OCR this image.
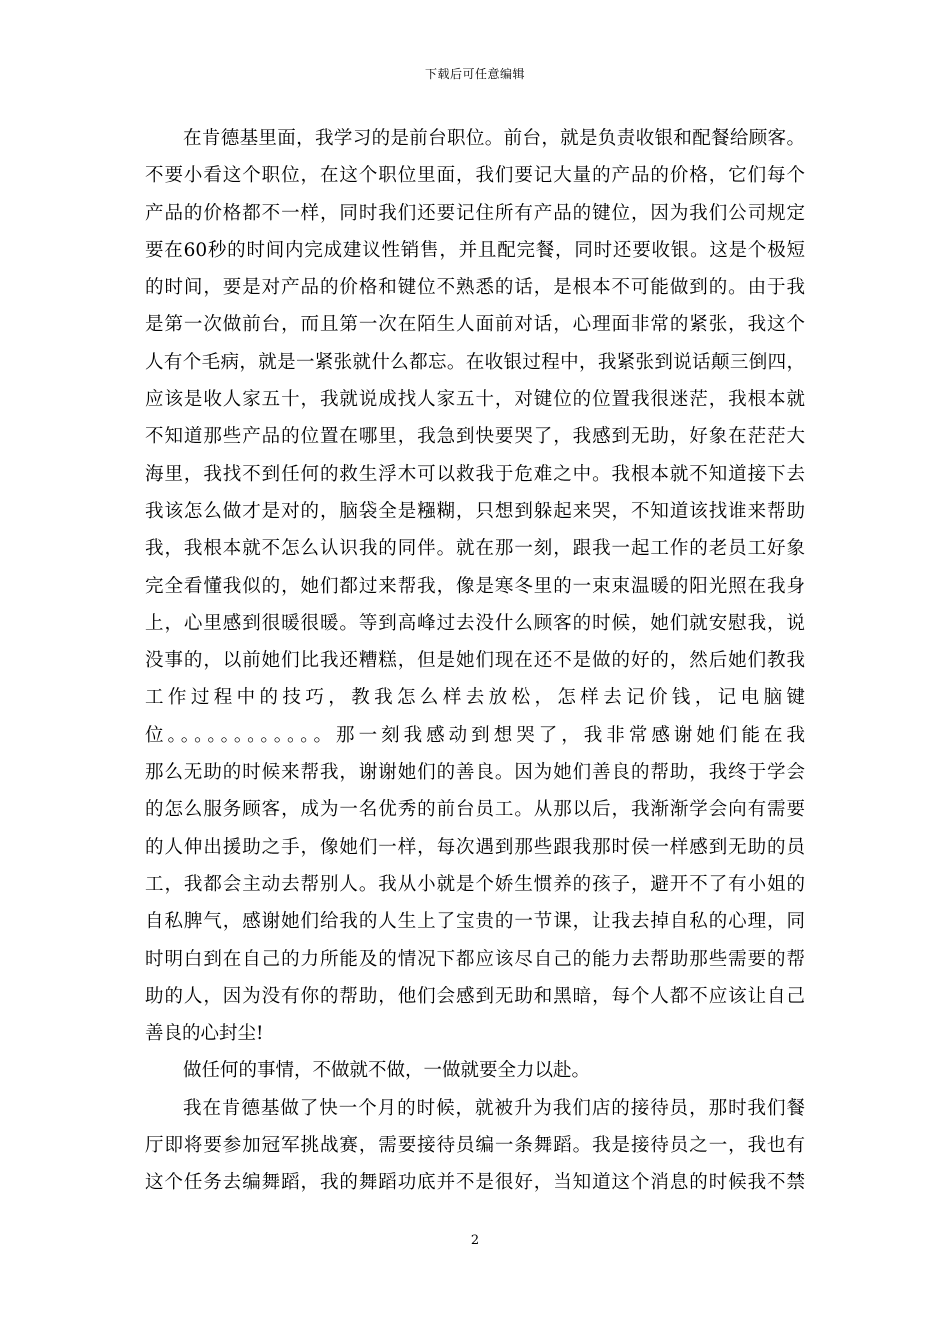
下载后可任意编辑
在肯德基里面，我学习的是前台职位。前台，就是负责收银和配餐给顾客。
不要小看这个职位，在这个职位里面，我们要记大量的产品的价格，它们每个
产品的价格都不一样，同时我们还要记住所有产品的键位，因为我们公司规定
要在60秒的时间内完成建议性销售，并且配完餐，同时还要收银。这是个极短
的时间，要是对产品的价格和键位不熟悉的话，是根本不可能做到的。由于我
是第一次做前台，而且第一次在陌生人面前对话，心理面非常的紧张，我这个
人有个毛病，就是一紧张就什么都忘。在收银过程中，我紧张到说话颠三倒四，
应该是收人家五十，我就说成找人家五十，对键位的位置我很迷茫，我根本就
不知道那些产品的位置在哪里，我急到快要哭了，我感到无助，好象在茫茫大
海里，我找不到任何的救生浮木可以救我于危难之中。我根本就不知道接下去
我该怎么做才是对的，脑袋全是糨糊，只想到躲起来哭，不知道该找谁来帮助
我，我根本就不怎么认识我的同伴。就在那一刻，跟我一起工作的老员工好象
完全看懂我似的，她们都过来帮我，像是寒冬里的一束束温暖的阳光照在我身
上，心里感到很暖很暖。等到高峰过去没什么顾客的时候，她们就安慰我，说
没事的，以前她们比我还糟糕，但是她们现在还不是做的好的，然后她们教我
工作过程中的技巧，教我怎么样去放松，怎样去记价钱，记电脑键
位。。。。。。。。。。。。那一刻我感动到想哭了，我非常感谢她们能在我
那么无助的时候来帮我，谢谢她们的善良。因为她们善良的帮助，我终于学会
的怎么服务顾客，成为一名优秀的前台员工。从那以后，我渐渐学会向有需要
的人伸出援助之手，像她们一样，每次遇到那些跟我那时侯一样感到无助的员
工，我都会主动去帮别人。我从小就是个娇生惯养的孩子，避开不了有小姐的
自私脾气，感谢她们给我的人生上了宝贵的一节课，让我去掉自私的心理，同
时明白到在自己的力所能及的情况下都应该尽自己的能力去帮助那些需要的帮
助的人，因为没有你的帮助，他们会感到无助和黑暗，每个人都不应该让自己
善良的心封尘!
做任何的事情，不做就不做，一做就要全力以赴。
我在肯德基做了快一个月的时候，就被升为我们店的接待员，那时我们餐
厅即将要参加冠军挑战赛，需要接待员编一条舞蹈。我是接待员之一，我也有
这个任务去编舞蹈，我的舞蹈功底并不是很好，当知道这个消息的时候我不禁
2
